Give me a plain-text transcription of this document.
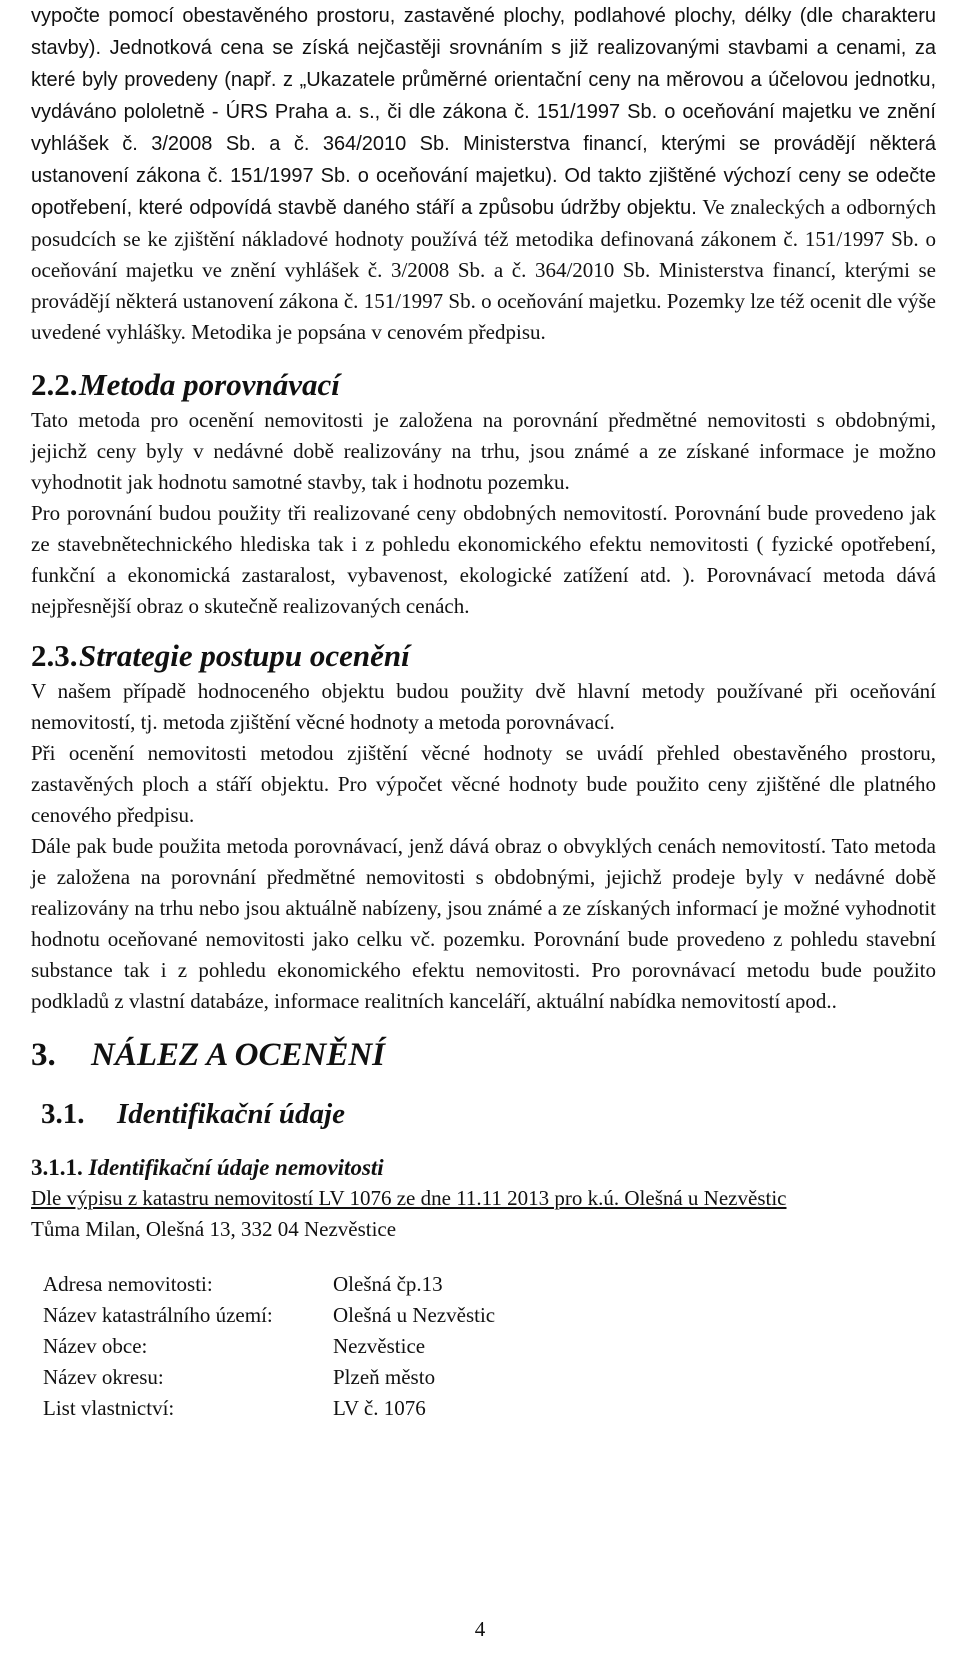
vypočte pomocí obestavěného prostoru, zastavěné plochy, podlahové plochy, délky (dle charakteru stavby). Jednotková cena se získá nejčastěji srovnáním s již realizovanými stavbami a cenami, za které byly provedeny (např. z „Ukazatele průměrné orientační ceny na měrovou a účelovou jednotku, vydáváno pololetně - ÚRS Praha a. s., či dle zákona č. 151/1997 Sb. o oceňování majetku ve znění vyhlášek č. 3/2008 Sb. a č. 364/2010 Sb. Ministerstva financí, kterými se provádějí některá ustanovení zákona č. 151/1997 Sb. o oceňování majetku). Od takto zjištěné výchozí ceny se odečte opotřebení, které odpovídá stavbě daného stáří a způsobu údržby objektu. Ve znaleckých a odborných posudcích se ke zjištění nákladové hodnoty používá též metodika definovaná zákonem č. 151/1997 Sb. o oceňování majetku ve znění vyhlášek č. 3/2008 Sb. a č. 364/2010 Sb. Ministerstva financí, kterými se provádějí některá ustanovení zákona č. 151/1997 Sb. o oceňování majetku. Pozemky lze též ocenit dle výše uvedené vyhlášky. Metodika je popsána v cenovém předpisu.

2.2. Metoda porovnávací

Tato metoda pro ocenění nemovitosti je založena na porovnání předmětné nemovitosti s obdobnými, jejichž ceny byly v nedávné době realizovány na trhu, jsou známé a ze získané informace je možno vyhodnotit jak hodnotu samotné stavby, tak i hodnotu pozemku.

Pro porovnání budou použity tři realizované ceny obdobných nemovitostí. Porovnání bude provedeno jak ze stavebnětechnického hlediska tak i z pohledu ekonomického efektu nemovitosti ( fyzické opotřebení, funkční a ekonomická zastaralost, vybavenost, ekologické zatížení atd. ). Porovnávací metoda dává nejpřesnější obraz o skutečně realizovaných cenách.

2.3. Strategie postupu ocenění

V našem případě hodnoceného objektu budou použity dvě hlavní metody používané při oceňování nemovitostí, tj. metoda zjištění věcné hodnoty a metoda porovnávací.

Při ocenění nemovitosti metodou zjištění věcné hodnoty se uvádí přehled obestavěného prostoru, zastavěných ploch a stáří objektu. Pro výpočet věcné hodnoty bude použito ceny zjištěné dle platného cenového předpisu.

Dále pak bude použita metoda porovnávací, jenž dává obraz o obvyklých cenách nemovitostí. Tato metoda je založena na porovnání předmětné nemovitosti s obdobnými, jejichž prodeje byly v nedávné době realizovány na trhu nebo jsou aktuálně nabízeny, jsou známé a ze získaných informací je možné vyhodnotit hodnotu oceňované nemovitosti jako celku vč. pozemku. Porovnání bude provedeno z pohledu stavební substance tak i z pohledu ekonomického efektu nemovitosti. Pro porovnávací metodu bude použito podkladů z vlastní databáze, informace realitních kanceláří, aktuální nabídka nemovitostí apod..

3.	NÁLEZ A OCENĚNÍ
3.1.	Identifikační údaje
3.1.1. Identifikační údaje nemovitosti

Dle výpisu z katastru nemovitostí LV 1076 ze dne 11.11 2013 pro k.ú. Olešná u Nezvěstic

Tůma Milan, Olešná 13, 332 04 Nezvěstice

Adresa nemovitosti:	Olešná čp.13
Název katastrálního území:	Olešná u Nezvěstic
Název obce:	Nezvěstice
Název okresu:	Plzeň město
List vlastnictví:	LV č. 1076
4
